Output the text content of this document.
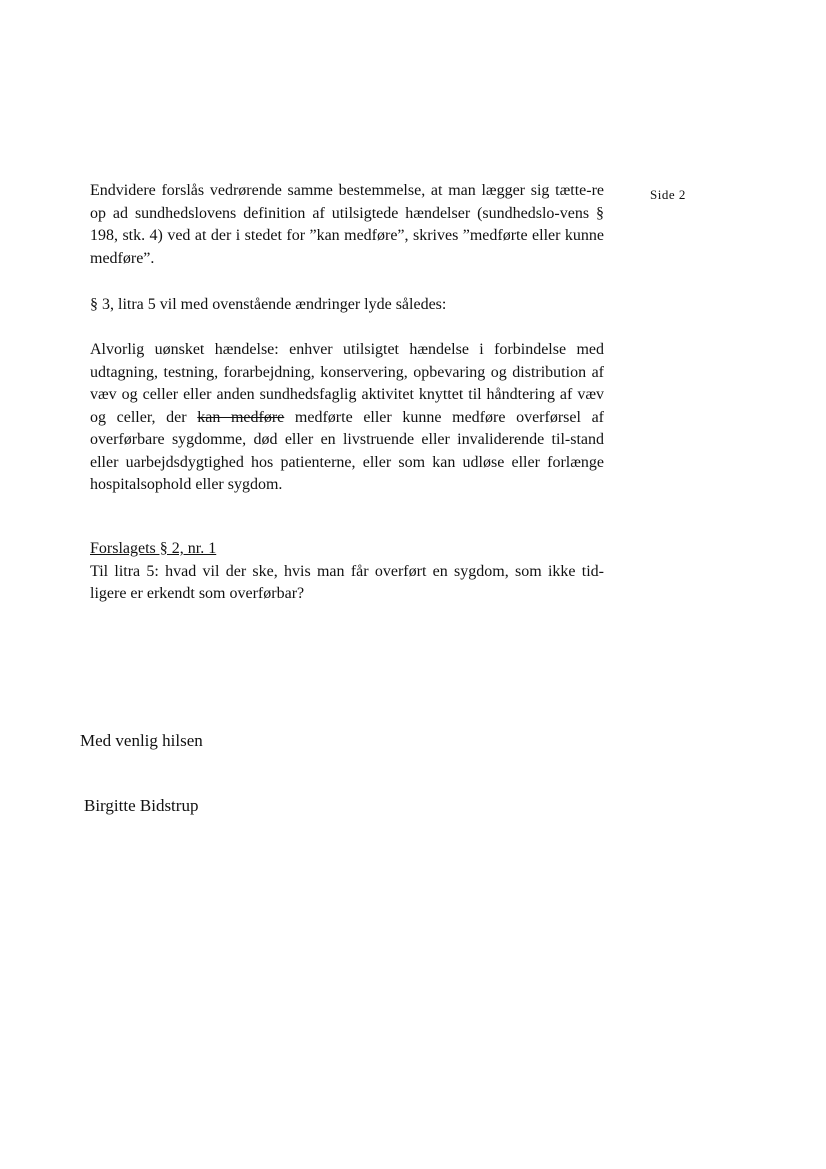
Side 2

Endvidere forslås vedrørende samme bestemmelse, at man lægger sig tætte-re op ad sundhedslovens definition af utilsigtede hændelser (sundhedslo-vens § 198, stk. 4) ved at der i stedet for ”kan medføre”, skrives ”medførte eller kunne medføre”.

§ 3, litra 5 vil med ovenstående ændringer lyde således:

Alvorlig uønsket hændelse: enhver utilsigtet hændelse i forbindelse med udtagning, testning, forarbejdning, konservering, opbevaring og distribution af væv og celler eller anden sundhedsfaglig aktivitet knyttet til håndtering af væv og celler, der kan medføre medførte eller kunne medføre overførsel af overførbare sygdomme, død eller en livstruende eller invaliderende til-stand eller uarbejdsdygtighed hos patienterne, eller som kan udløse eller forlænge hospitalsophold eller sygdom.

Forslagets § 2, nr. 1

Til litra 5: hvad vil der ske, hvis man får overført en sygdom, som ikke tid-ligere er erkendt som overførbar?

Med venlig hilsen
Birgitte Bidstrup
